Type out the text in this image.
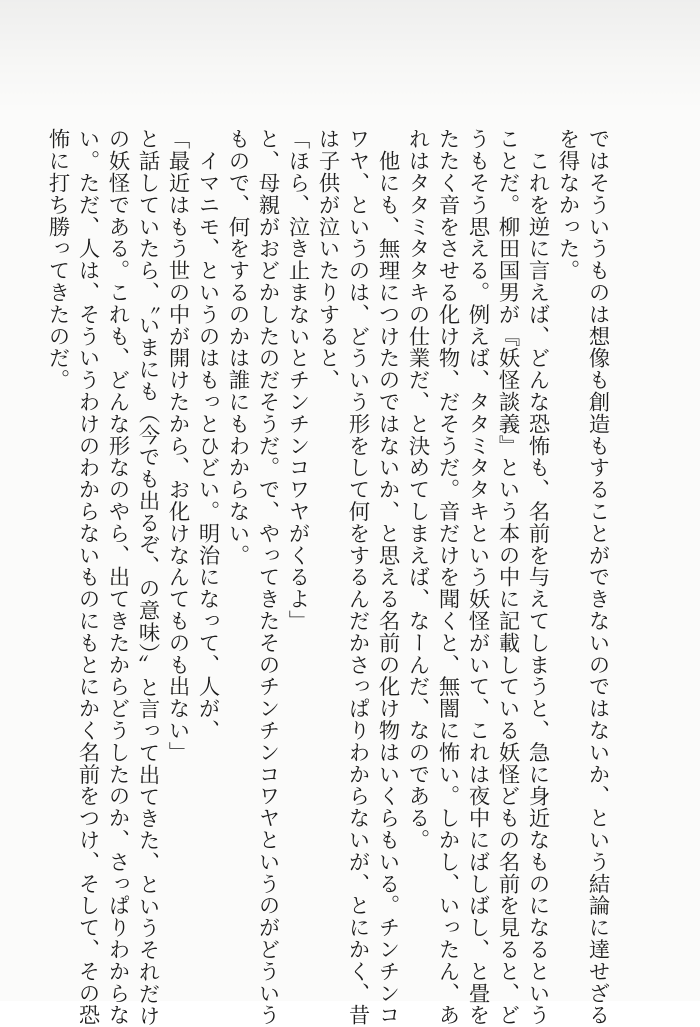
ではそういうものは想像も創造もすることができないのではないか、という結論に達せざる
を得なかった。
　これを逆に言えば、どんな恐怖も、名前を与えてしまうと、急に身近なものになるという
ことだ。柳田国男が『妖怪談義』という本の中に記載している妖怪どもの名前を見ると、ど
うもそう思える。例えば、タタミタタキという妖怪がいて、これは夜中にばしばし、と畳を
たたく音をさせる化け物、だそうだ。音だけを聞くと、無闇に怖い。しかし、いったん、あ
れはタタミタタキの仕業だ、と決めてしまえば、なーんだ、なのである。
　他にも、無理につけたのではないか、と思える名前の化け物はいくらもいる。チンチンコ
ワヤ、というのは、どういう形をして何をするんだかさっぱりわからないが、とにかく、昔
は子供が泣いたりすると、
「ほら、泣き止まないとチンチンコワヤがくるよ」
と、母親がおどかしたのだそうだ。で、やってきたそのチンチンコワヤというのがどういう
もので、何をするのかは誰にもわからない。
　イマニモ、というのはもっとひどい。明治になって、人が、
「最近はもう世の中が開けたから、お化けなんてものも出ない」
と話していたら、〝いまにも（今でも出るぞ、の意味）〟と言って出てきた、というそれだけ
の妖怪である。これも、どんな形なのやら、出てきたからどうしたのか、さっぱりわからな
い。ただ、人は、そういうわけのわからないものにもとにかく名前をつけ、そして、その恐
怖に打ち勝ってきたのだ。
